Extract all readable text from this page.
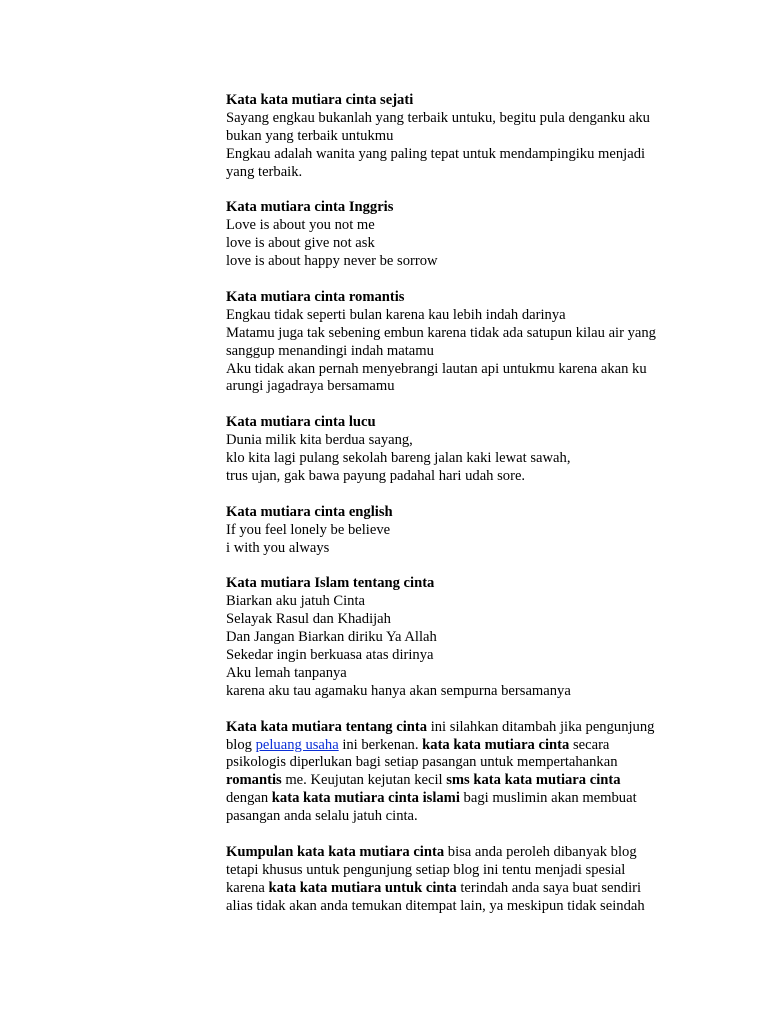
Kata kata mutiara cinta sejati
Sayang engkau bukanlah yang terbaik untuku, begitu pula denganku aku
bukan yang terbaik untukmu
Engkau adalah wanita yang paling tepat untuk mendampingiku menjadi
yang terbaik.
Kata mutiara cinta Inggris
Love is about you not me
love is about give not ask
love is about happy never be sorrow
Kata mutiara cinta romantis
Engkau tidak seperti bulan karena kau lebih indah darinya
Matamu juga tak sebening embun karena tidak ada satupun kilau air yang
sanggup menandingi indah matamu
Aku tidak akan pernah menyebrangi lautan api untukmu karena akan ku
arungi jagadraya bersamamu
Kata mutiara cinta lucu
Dunia milik kita berdua sayang,
klo kita lagi pulang sekolah bareng jalan kaki lewat sawah,
trus ujan, gak bawa payung padahal hari udah sore.
Kata mutiara cinta english
If you feel lonely be believe
i with you always
Kata mutiara Islam tentang cinta
Biarkan aku jatuh Cinta
Selayak Rasul dan Khadijah
Dan Jangan Biarkan diriku Ya Allah
Sekedar ingin berkuasa atas dirinya
Aku lemah tanpanya
karena aku tau agamaku hanya akan sempurna bersamanya
Kata kata mutiara tentang cinta ini silahkan ditambah jika pengunjung
blog peluang usaha ini berkenan. kata kata mutiara cinta secara
psikologis diperlukan bagi setiap pasangan untuk mempertahankan
romantis me. Keujutan kejutan kecil sms kata kata mutiara cinta
dengan kata kata mutiara cinta islami bagi muslimin akan membuat
pasangan anda selalu jatuh cinta.
Kumpulan kata kata mutiara cinta bisa anda peroleh dibanyak blog
tetapi khusus untuk pengunjung setiap blog ini tentu menjadi spesial
karena kata kata mutiara untuk cinta terindah anda saya buat sendiri
alias tidak akan anda temukan ditempat lain, ya meskipun tidak seindah
